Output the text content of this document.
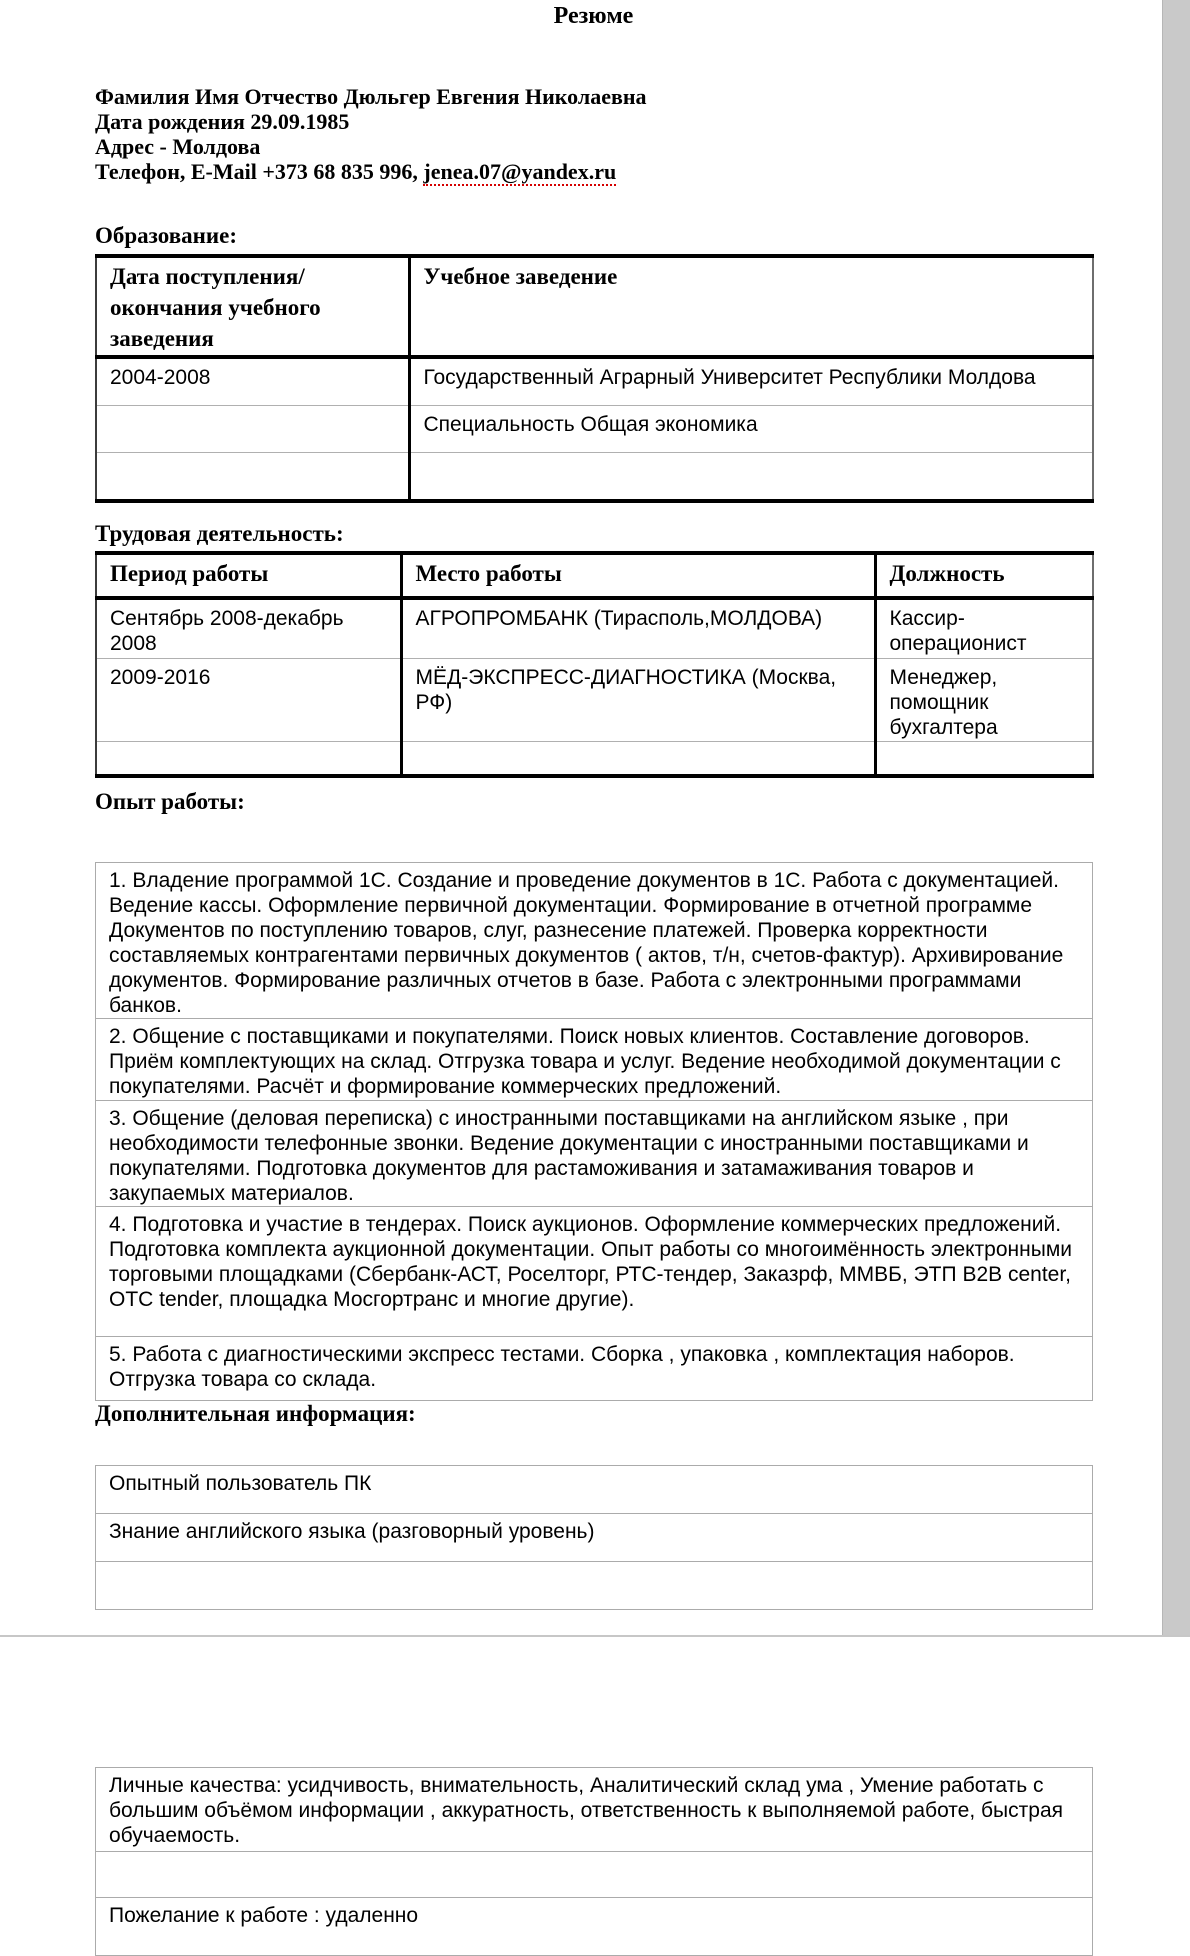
Резюме
Фамилия Имя Отчество Дюльгер Евгения Николаевна
Дата рождения 29.09.1985
Адрес - Молдова
Телефон, E-Mail +373 68 835 996, jenea.07@yandex.ru
Образование:
Дата поступления/ окончания учебного заведения	Учебное заведение
2004-2008	Государственный Аграрный Университет Республики Молдова
	Специальность Общая экономика

Трудовая деятельность:
Период работы	Место работы	Должность
Сентябрь 2008-декабрь 2008	АГРОПРОМБАНК (Тирасполь,МОЛДОВА)	Кассир-операционист
2009-2016	МЁД-ЭКСПРЕСС-ДИАГНОСТИКА (Москва, РФ)	Менеджер, помощник бухгалтера

Опыт работы:
1. Владение программой 1С. Создание и проведение документов в 1С. Работа с документацией. Ведение кассы. Оформление первичной документации. Формирование в отчетной программе Документов по поступлению товаров, слуг, разнесение платежей. Проверка корректности составляемых контрагентами первичных документов ( актов, т/н, счетов-фактур). Архивирование документов. Формирование различных отчетов в базе. Работа с электронными программами банков.
2. Общение с поставщиками и покупателями. Поиск новых клиентов. Составление договоров. Приём комплектующих на склад. Отгрузка товара и услуг. Ведение необходимой документации с покупателями. Расчёт и формирование коммерческих предложений.
3. Общение (деловая переписка) с иностранными поставщиками на английском языке , при необходимости телефонные звонки. Ведение документации с иностранными поставщиками и покупателями. Подготовка документов для растаможивания и затамаживания товаров и закупаемых материалов.
4. Подготовка и участие в тендерах. Поиск аукционов. Оформление коммерческих предложений. Подготовка комплекта аукционной документации. Опыт работы со многоимённость электронными торговыми площадками (Сбербанк-АСТ, Роселторг, РТС-тендер, Заказрф, ММВБ, ЭТП B2B center, OTC tender, площадка Мосгортранс и многие другие).
5. Работа с диагностическими экспресс тестами. Сборка , упаковка , комплектация наборов. Отгрузка товара со склада.
Дополнительная информация:
Опытный пользователь ПК
Знание английского языка (разговорный уровень)

Личные качества: усидчивость, внимательность, Аналитический склад ума , Умение работать с большим объёмом информации , аккуратность, ответственность к выполняемой работе, быстрая обучаемость.

Пожелание к работе : удаленно
